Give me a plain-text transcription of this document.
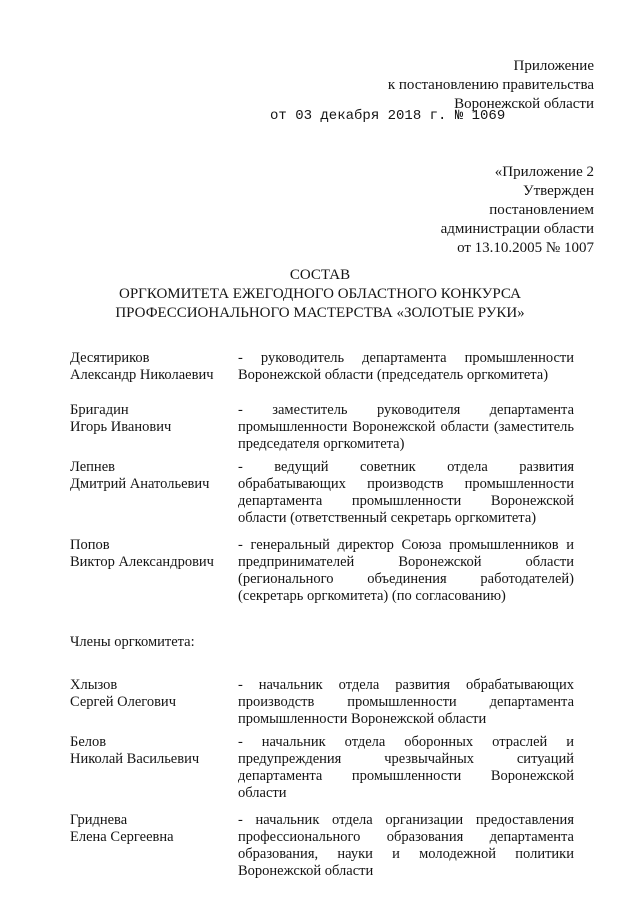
Приложение
к постановлению правительства
Воронежской области
от 03 декабря 2018 г. № 1069
«Приложение 2
Утвержден
постановлением
администрации области
от 13.10.2005 № 1007
СОСТАВ
ОРГКОМИТЕТА ЕЖЕГОДНОГО ОБЛАСТНОГО КОНКУРСА
ПРОФЕССИОНАЛЬНОГО МАСТЕРСТВА «ЗОЛОТЫЕ РУКИ»
Десятириков
Александр Николаевич
- руководитель департамента промышленности Воронежской области (председатель оргкомитета)
Бригадин
Игорь Иванович
- заместитель руководителя департамента промышленности Воронежской области (заместитель председателя оргкомитета)
Лепнев
Дмитрий Анатольевич
- ведущий советник отдела развития обрабатывающих производств промышленности департамента промышленности Воронежской области (ответственный секретарь оргкомитета)
Попов
Виктор Александрович
- генеральный директор Союза промышленников и предпринимателей Воронежской области (регионального объединения работодателей) (секретарь оргкомитета) (по согласованию)
Члены оргкомитета:
Хлызов
Сергей Олегович
- начальник отдела развития обрабатывающих производств промышленности департамента промышленности Воронежской области
Белов
Николай Васильевич
- начальник отдела оборонных отраслей и предупреждения чрезвычайных ситуаций департамента промышленности Воронежской области
Гриднева
Елена Сергеевна
- начальник отдела организации предоставления профессионального образования департамента образования, науки и молодежной политики Воронежской области
